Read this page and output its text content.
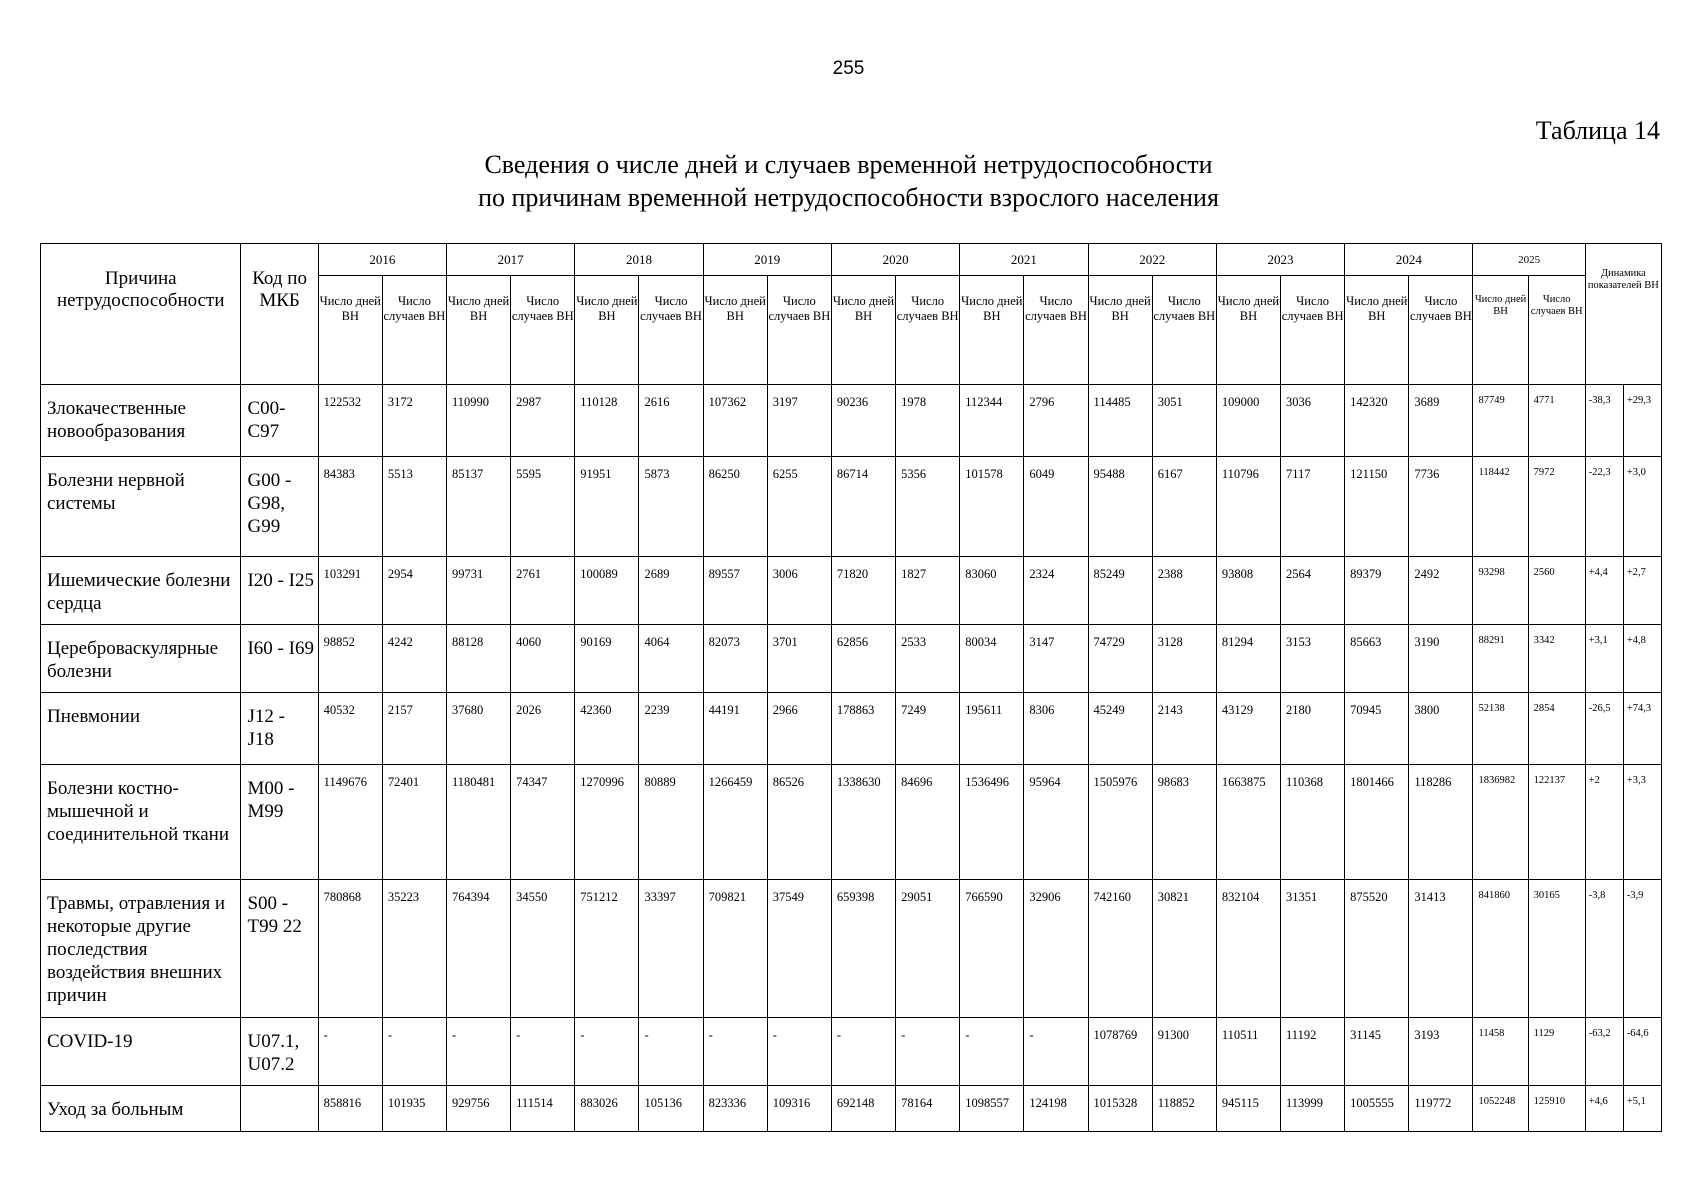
255
Таблица 14
Сведения о числе дней и случаев временной нетрудоспособности
по причинам временной нетрудоспособности взрослого населения
Причина нетрудоспособности	Код по МКБ	2016		2017		2018		2019		2020		2021		2022		2023		2024		2025		Динамика показателей ВН	
		Число дней ВН	Число случаев ВН	Число дней ВН	Число случаев ВН	Число дней ВН	Число случаев ВН	Число дней ВН	Число случаев ВН	Число дней ВН	Число случаев ВН	Число дней ВН	Число случаев ВН	Число дней ВН	Число случаев ВН	Число дней ВН	Число случаев ВН	Число дней ВН	Число случаев ВН	Число дней ВН	Число случаев ВН		
Злокачественные новообразования	C00-C97	122532	3172	110990	2987	110128	2616	107362	3197	90236	1978	112344	2796	114485	3051	109000	3036	142320	3689	87749	4771	-38,3	+29,3
Болезни нервной системы	G00 - G98, G99	84383	5513	85137	5595	91951	5873	86250	6255	86714	5356	101578	6049	95488	6167	110796	7117	121150	7736	118442	7972	-22,3	+3,0
Ишемические болезни сердца	I20 - I25	103291	2954	99731	2761	100089	2689	89557	3006	71820	1827	83060	2324	85249	2388	93808	2564	89379	2492	93298	2560	+4,4	+2,7
Цереброваскулярные болезни	I60 - I69	98852	4242	88128	4060	90169	4064	82073	3701	62856	2533	80034	3147	74729	3128	81294	3153	85663	3190	88291	3342	+3,1	+4,8
Пневмонии	J12 - J18	40532	2157	37680	2026	42360	2239	44191	2966	178863	7249	195611	8306	45249	2143	43129	2180	70945	3800	52138	2854	-26,5	+74,3
Болезни костно-мышечной и соединительной ткани	M00 - M99	1149676	72401	1180481	74347	1270996	80889	1266459	86526	1338630	84696	1536496	95964	1505976	98683	1663875	110368	1801466	118286	1836982	122137	+2	+3,3
Травмы, отравления и некоторые другие последствия воздействия внешних причин	S00 - T99 22	780868	35223	764394	34550	751212	33397	709821	37549	659398	29051	766590	32906	742160	30821	832104	31351	875520	31413	841860	30165	-3,8	-3,9
COVID-19	U07.1, U07.2	-	-	-	-	-	-	-	-	-	-	-	-	1078769	91300	110511	11192	31145	3193	11458	1129	-63,2	-64,6
Уход за больным		858816	101935	929756	111514	883026	105136	823336	109316	692148	78164	1098557	124198	1015328	118852	945115	113999	1005555	119772	1052248	125910	+4,6	+5,1
